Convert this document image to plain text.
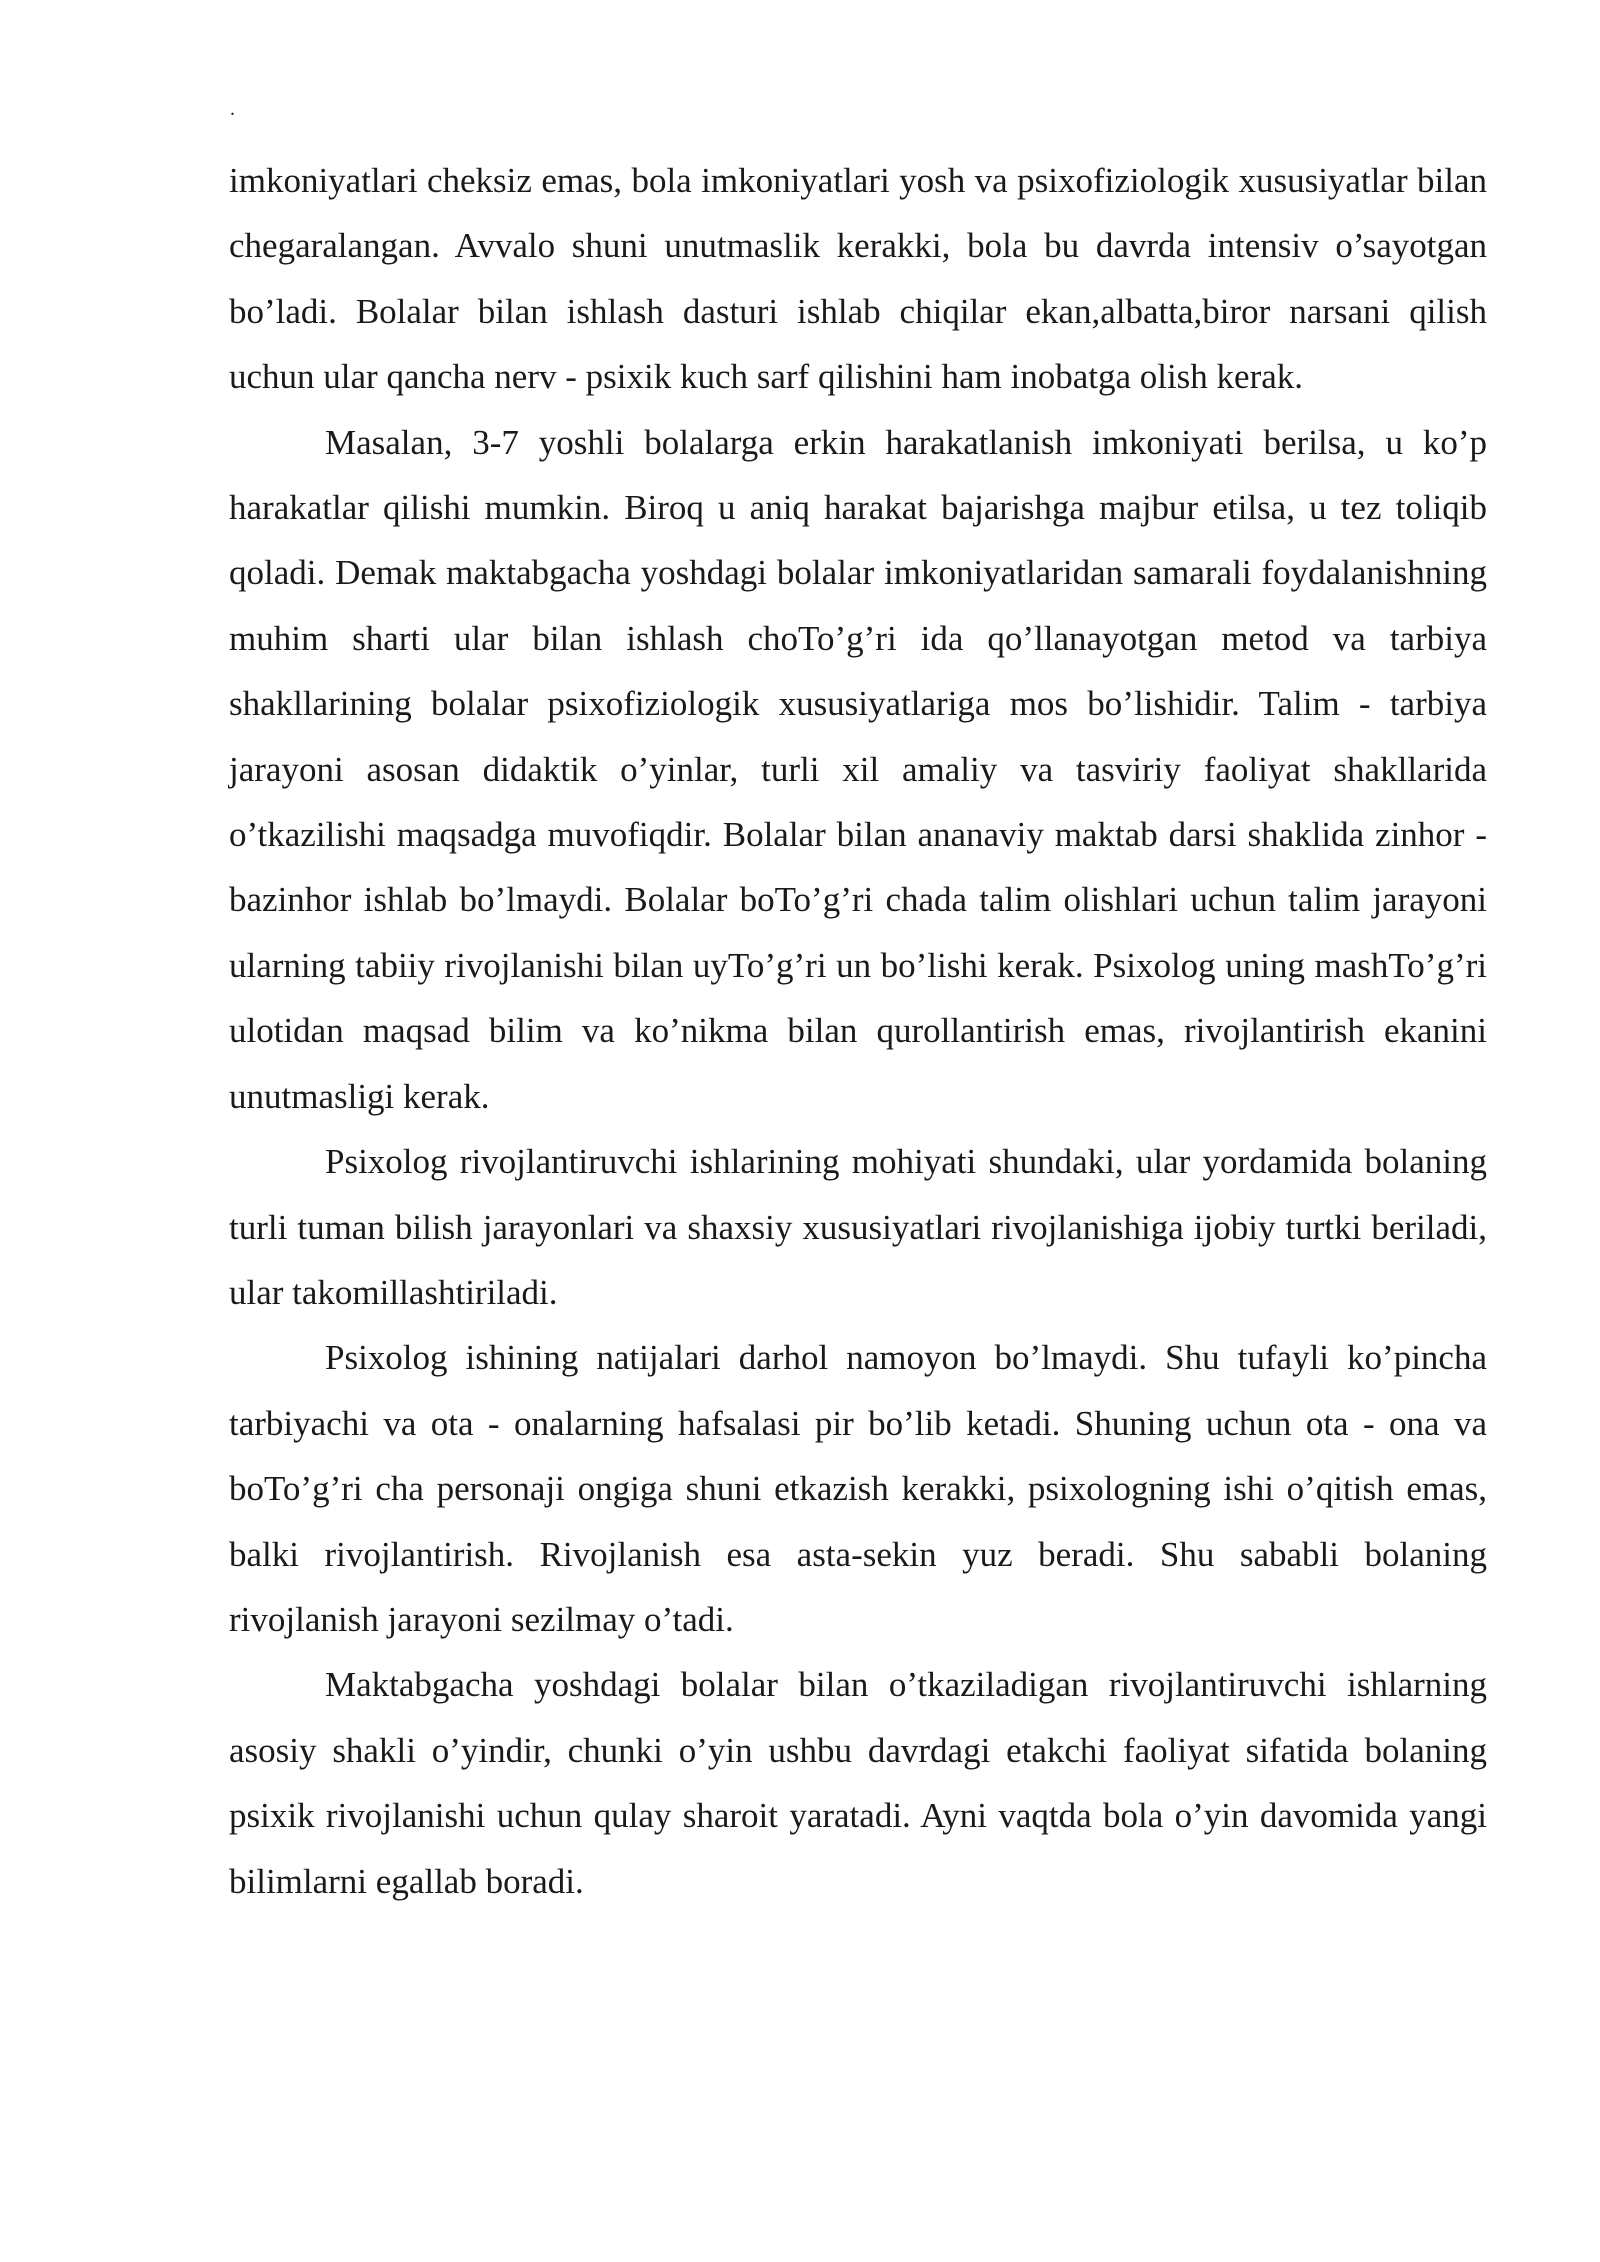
.

imkoniyatlari cheksiz emas, bola imkoniyatlari yosh va psixofiziologik xususiyatlar bilan chegaralangan. Avvalo shuni unutmaslik kerakki, bola bu davrda intensiv o’sayotgan bo’ladi. Bolalar bilan ishlash dasturi ishlab chiqilar ekan,albatta,biror narsani qilish uchun ular qancha nerv - psixik kuch sarf qilishini ham inobatga olish kerak.

Masalan, 3-7 yoshli bolalarga erkin harakatlanish imkoniyati berilsa, u ko’p harakatlar qilishi mumkin. Biroq u aniq harakat bajarishga majbur etilsa, u tez toliqib qoladi. Demak maktabgacha yoshdagi bolalar imkoniyatlaridan samarali foydalanishning muhim sharti ular bilan ishlash choTo’g’ri ida qo’llanayotgan metod va tarbiya shakllarining bolalar psixofiziologik xususiyatlariga mos bo’lishidir. Talim - tarbiya jarayoni asosan didaktik o’yinlar, turli xil amaliy va tasviriy faoliyat shakllarida o’tkazilishi maqsadga muvofiqdir. Bolalar bilan ananaviy maktab darsi shaklida zinhor - bazinhor ishlab bo’lmaydi. Bolalar boTo’g’ri chada talim olishlari uchun talim jarayoni ularning tabiiy rivojlanishi bilan uyTo’g’ri un bo’lishi kerak. Psixolog uning mashTo’g’ri ulotidan maqsad bilim va ko’nikma bilan qurollantirish emas, rivojlantirish ekanini unutmasligi kerak.

Psixolog rivojlantiruvchi ishlarining mohiyati shundaki, ular yordamida bolaning turli tuman bilish jarayonlari va shaxsiy xususiyatlari rivojlanishiga ijobiy turtki beriladi, ular takomillashtiriladi.

Psixolog ishining natijalari darhol namoyon bo’lmaydi. Shu tufayli ko’pincha tarbiyachi va ota - onalarning hafsalasi pir bo’lib ketadi. Shuning uchun ota - ona va boTo’g’ri cha personaji ongiga shuni etkazish kerakki, psixologning ishi o’qitish emas, balki rivojlantirish. Rivojlanish esa asta-sekin yuz beradi. Shu sababli bolaning rivojlanish jarayoni sezilmay o’tadi.

Maktabgacha yoshdagi bolalar bilan o’tkaziladigan rivojlantiruvchi ishlarning asosiy shakli o’yindir, chunki o’yin ushbu davrdagi etakchi faoliyat sifatida bolaning psixik rivojlanishi uchun qulay sharoit yaratadi. Ayni vaqtda bola o’yin davomida yangi bilimlarni egallab boradi.
